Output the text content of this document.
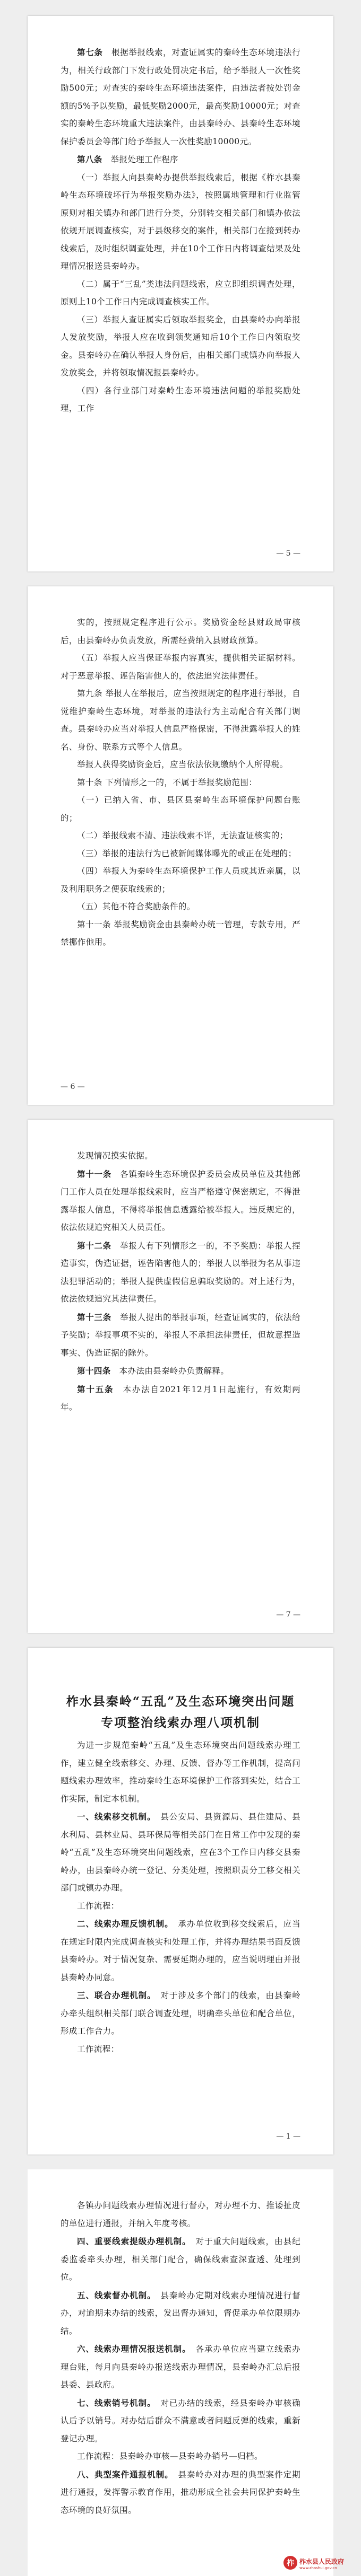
第七条　 根据举报线索，对查证属实的秦岭生态环境违法行为，相关行政部门下发行政处罚决定书后，给予举报人一次性奖励500元；对查实的秦岭生态环境违法案件，由违法者按处罚金额的5%予以奖励，最低奖励2000元，最高奖励10000元；对查实的秦岭生态环境重大违法案件，由县秦岭办、县秦岭生态环境保护委员会等部门给予举报人一次性奖励10000元。

第八条　 举报处理工作程序

（一）举报人向县秦岭办提供举报线索后，根据《柞水县秦岭生态环境破坏行为举报奖励办法》，按照属地管理和行业监管原则对相关镇办和部门进行分类，分别转交相关部门和镇办依法依规开展调查核实，对于县级移交的案件，相关部门在接到转办线索后，及时组织调查处理，并在10个工作日内将调查结果及处理情况报送县秦岭办。

（二）属于“三乱”类违法问题线索，应立即组织调查处理，原则上10个工作日内完成调查核实工作。

（三）举报人查证属实后领取举报奖金，由县秦岭办向举报人发放奖励，举报人应在收到领奖通知后10个工作日内领取奖金。县秦岭办在确认举报人身份后，由相关部门或镇办向举报人发放奖金，并将领取情况报县秦岭办。

（四）各行业部门对秦岭生态环境违法问题的举报奖励处理，工作

— 5 —

实的，按照规定程序进行公示。奖励资金经县财政局审核后，由县秦岭办负责发放，所需经费纳入县财政预算。

（五）举报人应当保证举报内容真实，提供相关证据材料。对于恶意举报、诬告陷害他人的，依法追究法律责任。

第九条 举报人在举报后，应当按照规定的程序进行举报，自觉维护秦岭生态环境，对举报的违法行为主动配合有关部门调查。县秦岭办应当对举报人信息严格保密，不得泄露举报人的姓名、身份、联系方式等个人信息。

举报人获得奖励资金后，应当依法依规缴纳个人所得税。

第十条 下列情形之一的，不属于举报奖励范围：

（一）已纳入省、市、县区县秦岭生态环境保护问题台账的；

（二）举报线索不清、违法线索不详，无法查证核实的；

（三）举报的违法行为已被新闻媒体曝光的或正在处理的；

（四）举报人为秦岭生态环境保护工作人员或其近亲属，以及利用职务之便获取线索的；

（五）其他不符合奖励条件的。

第十一条 举报奖励资金由县秦岭办统一管理，专款专用，严禁挪作他用。

— 6 —

发现情况摸实依据。

第十一条　 各镇秦岭生态环境保护委员会成员单位及其他部门工作人员在处理举报线索时，应当严格遵守保密规定，不得泄露举报人信息，不得将举报信息透露给被举报人。违反规定的，依法依规追究相关人员责任。

第十二条　 举报人有下列情形之一的，不予奖励：举报人捏造事实，伪造证据，诬告陷害他人的；举报人以举报为名从事违法犯罪活动的；举报人提供虚假信息骗取奖励的。对上述行为，依法依规追究其法律责任。

第十三条　 举报人提出的举报事项，经查证属实的，依法给予奖励；举报事项不实的，举报人不承担法律责任，但故意捏造事实、伪造证据的除外。

第十四条　 本办法由县秦岭办负责解释。

第十五条　 本办法自2021年12月1日起施行，有效期两年。

— 7 —
柞水县秦岭“五乱”及生态环境突出问题
专项整治线索办理八项机制

为进一步规范秦岭“五乱”及生态环境突出问题线索办理工作，建立健全线索移交、办理、反馈、督办等工作机制，提高问题线索办理效率，推动秦岭生态环境保护工作落到实处，结合工作实际，制定本机制。

一、线索移交机制。　 县公安局、县资源局、县住建局、县水利局、县林业局、县环保局等相关部门在日常工作中发现的秦岭“五乱”及生态环境突出问题线索，应在3个工作日内移交县秦岭办，由县秦岭办统一登记、分类处理，按照职责分工移交相关部门或镇办办理。

工作流程：

二、线索办理反馈机制。　 承办单位收到移交线索后，应当在规定时限内完成调查核实和处理工作，并将办理结果书面反馈县秦岭办。对于情况复杂、需要延期办理的，应当说明理由并报县秦岭办同意。

三、联合办理机制。　 对于涉及多个部门的线索，由县秦岭办牵头组织相关部门联合调查处理，明确牵头单位和配合单位，形成工作合力。

工作流程：

— 1 —

各镇办问题线索办理情况进行督办，对办理不力、推诿扯皮的单位进行通报，并纳入年度考核。

四、重要线索提级办理机制。　 对于重大问题线索，由县纪委监委牵头办理，相关部门配合，确保线索查深查透、处理到位。

五、线索督办机制。　 县秦岭办定期对线索办理情况进行督办，对逾期未办结的线索，发出督办通知，督促承办单位限期办结。

六、线索办理情况报送机制。　 各承办单位应当建立线索办理台账，每月向县秦岭办报送线索办理情况，县秦岭办汇总后报县委、县政府。

七、线索销号机制。　 对已办结的线索，经县秦岭办审核确认后予以销号。对办结后群众不满意或者问题反弹的线索，重新登记办理。

工作流程：县秦岭办审核—县秦岭办销号—归档。

八、典型案件通报机制。　 县秦岭办对办理的典型案件定期进行通报，发挥警示教育作用，推动形成全社会共同保护秦岭生态环境的良好氛围。

柞 柞水县人民政府
www.zhashui.gov.cn
